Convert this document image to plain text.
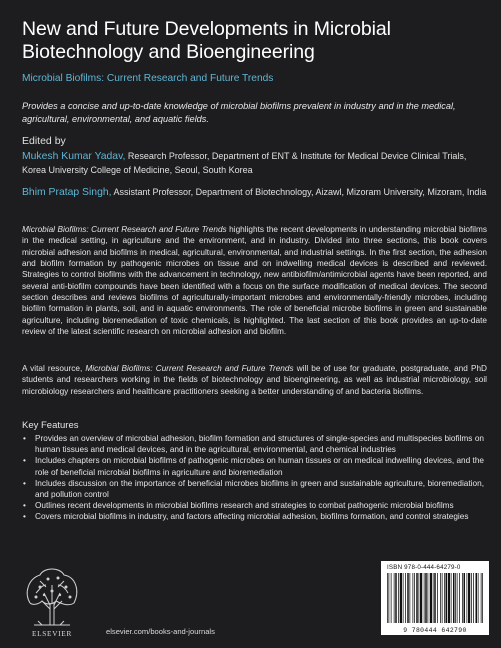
New and Future Developments in Microbial Biotechnology and Bioengineering
Microbial Biofilms: Current Research and Future Trends
Provides a concise and up-to-date knowledge of microbial biofilms prevalent in industry and in the medical, agricultural, environmental, and aquatic fields.
Edited by
Mukesh Kumar Yadav, Research Professor, Department of ENT & Institute for Medical Device Clinical Trials, Korea University College of Medicine, Seoul, South Korea
Bhim Pratap Singh, Assistant Professor, Department of Biotechnology, Aizawl, Mizoram University, Mizoram, India
Microbial Biofilms: Current Research and Future Trends highlights the recent developments in understanding microbial biofilms in the medical setting, in agriculture and the environment, and in industry. Divided into three sections, this book covers microbial adhesion and biofilms in medical, agricultural, environmental, and industrial settings. In the first section, the adhesion and biofilm formation by pathogenic microbes on tissue and on indwelling medical devices is described and reviewed. Strategies to control biofilms with the advancement in technology, new antibiofilm/antimicrobial agents have been reported, and several anti-biofilm compounds have been identified with a focus on the surface modification of medical devices. The second section describes and reviews biofilms of agriculturally-important microbes and environmentally-friendly microbes, including biofilm formation in plants, soil, and in aquatic environments. The role of beneficial microbe biofilms in green and sustainable agriculture, including bioremediation of toxic chemicals, is highlighted. The last section of this book provides an up-to-date review of the latest scientific research on microbial adhesion and biofilm.
A vital resource, Microbial Biofilms: Current Research and Future Trends will be of use for graduate, postgraduate, and PhD students and researchers working in the fields of biotechnology and bioengineering, as well as industrial microbiology, soil microbiology researchers and healthcare practitioners seeking a better understanding of and bacteria biofilms.
Key Features
• Provides an overview of microbial adhesion, biofilm formation and structures of single-species and multispecies biofilms on human tissues and medical devices, and in the agricultural, environmental, and chemical industries
• Includes chapters on microbial biofilms of pathogenic microbes on human tissues or on medical indwelling devices, and the role of beneficial microbial biofilms in agriculture and bioremediation
• Includes discussion on the importance of beneficial microbes biofilms in green and sustainable agriculture, bioremediation, and pollution control
• Outlines recent developments in microbial biofilms research and strategies to combat pathogenic microbial biofilms
• Covers microbial biofilms in industry, and factors affecting microbial adhesion, biofilms formation, and control strategies
ELSEVIER	elsevier.com/books-and-journals
ISBN 978-0-444-64279-0
9 780444 642790
